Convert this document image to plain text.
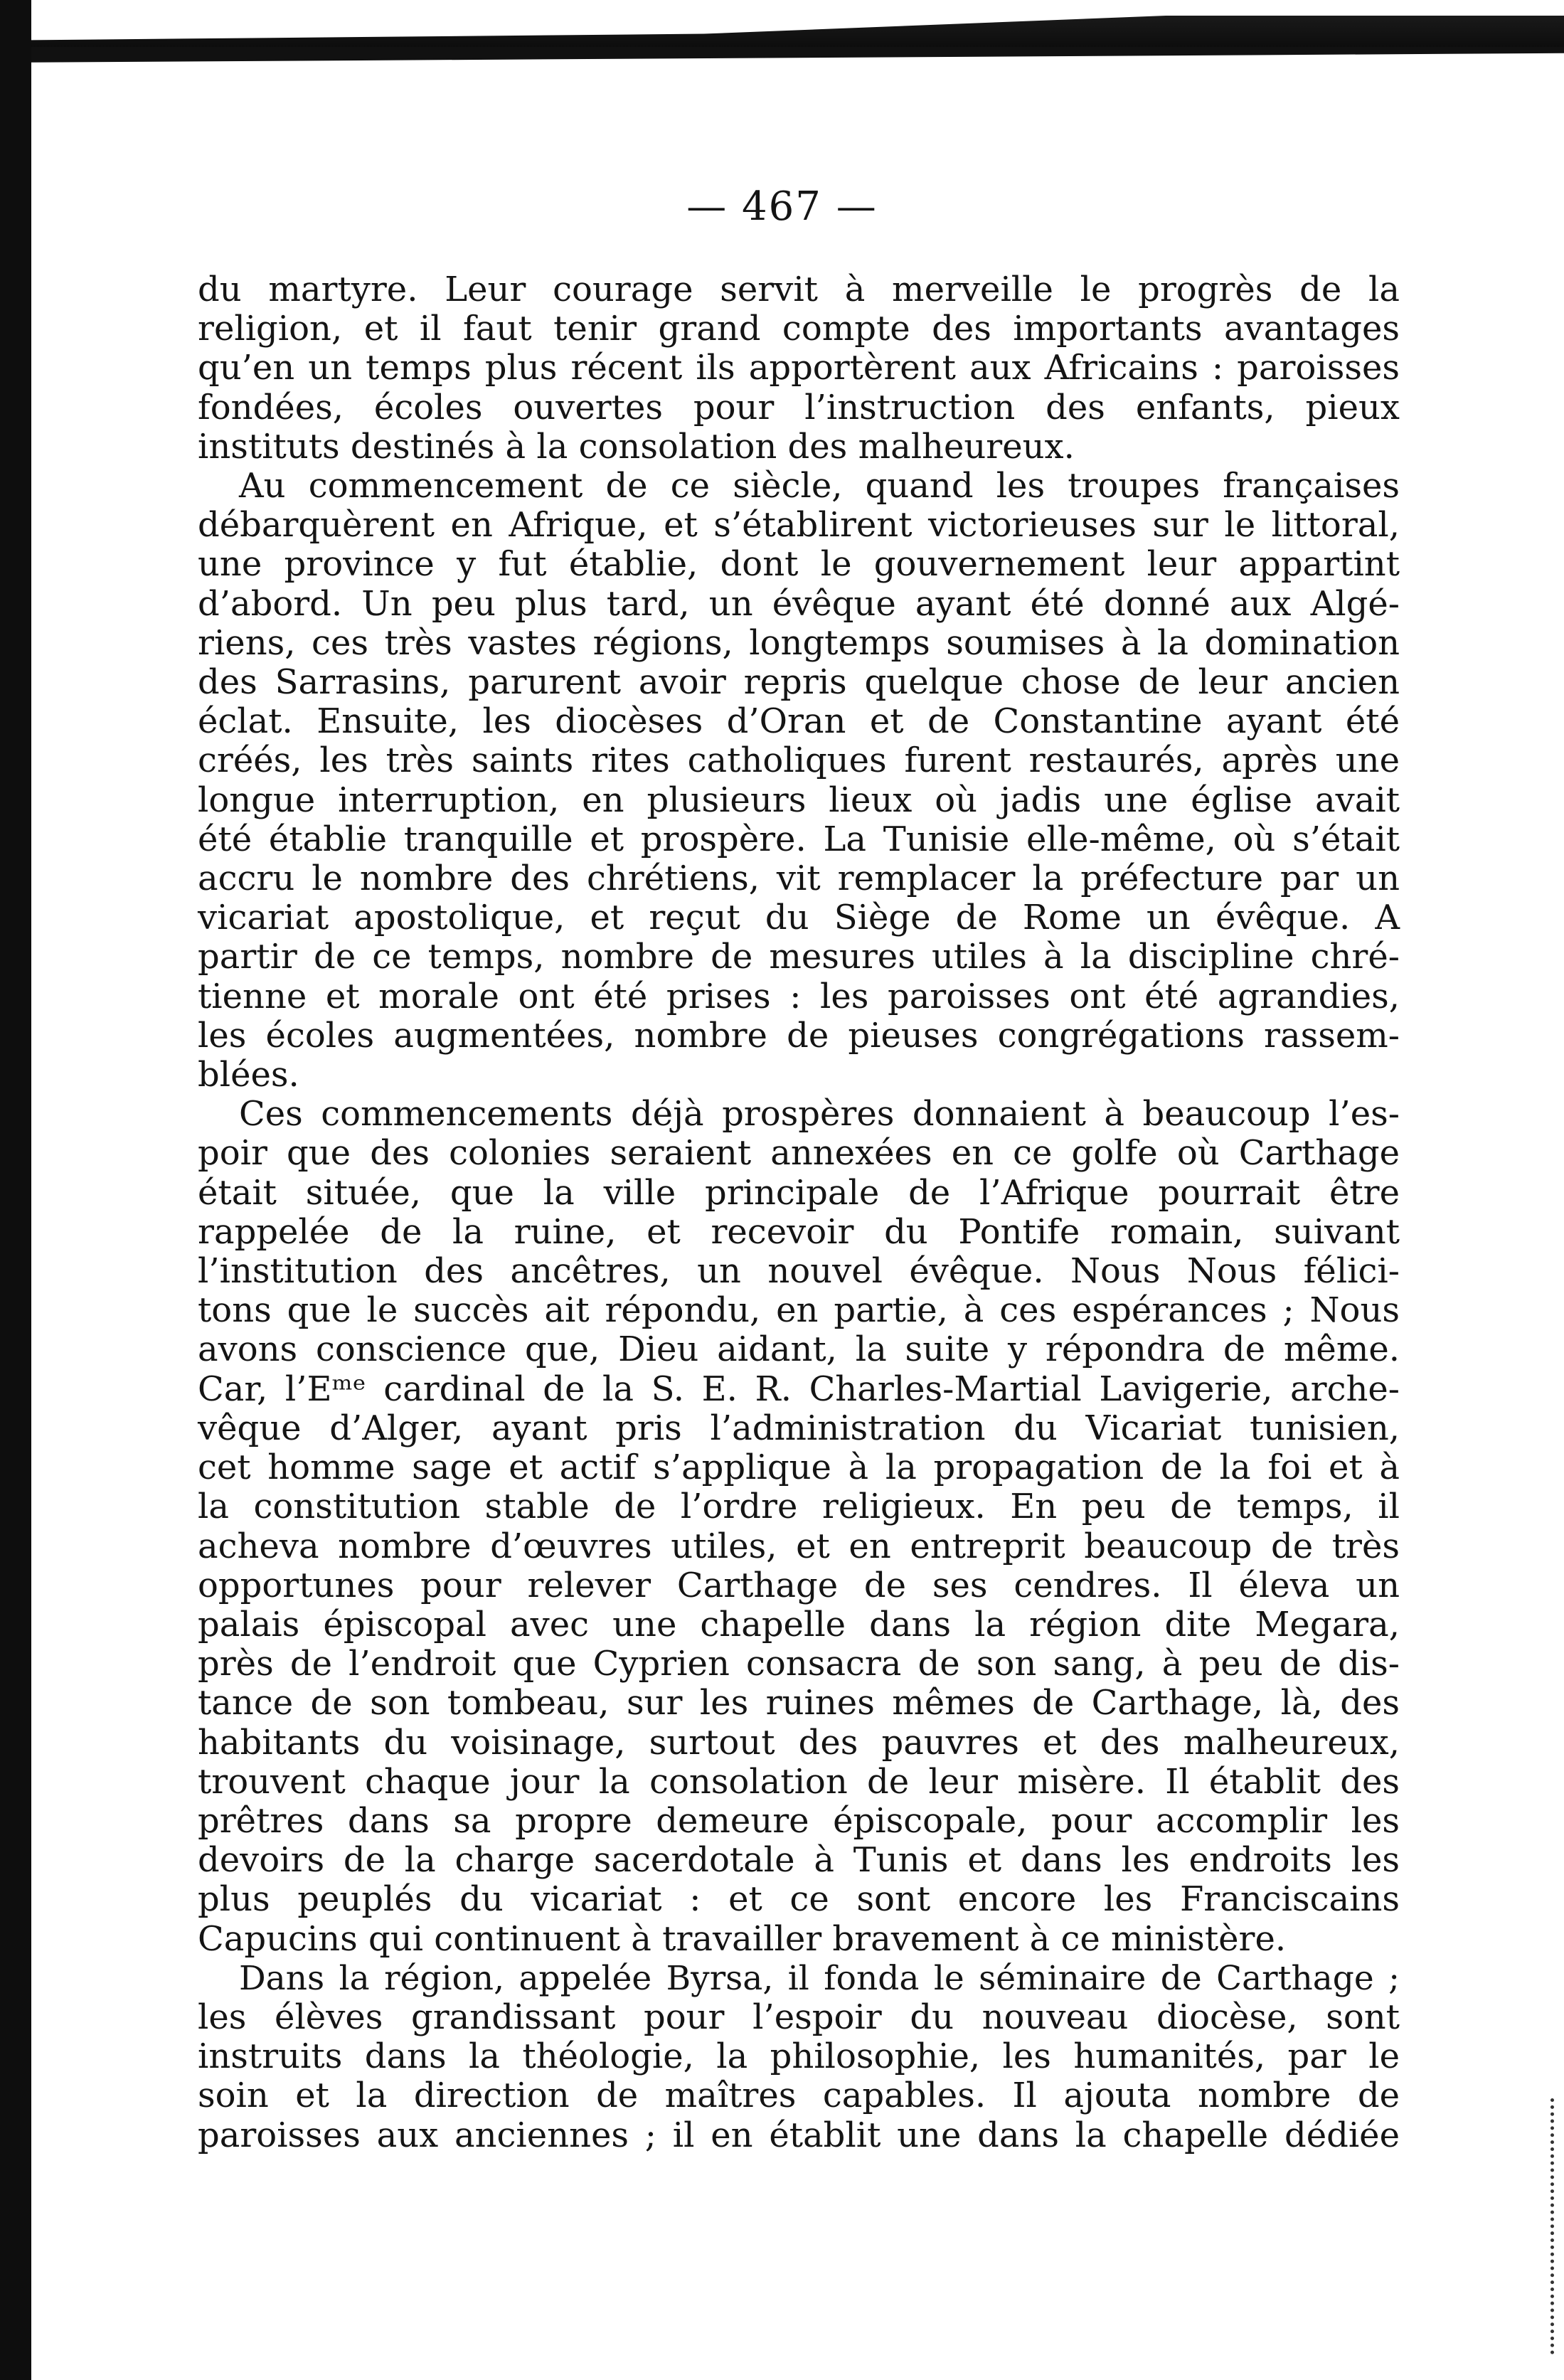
— 467 —
du martyre. Leur courage servit à merveille le progrès de la
religion, et il faut tenir grand compte des importants avantages
qu’en un temps plus récent ils apportèrent aux Africains : paroisses
fondées, écoles ouvertes pour l’instruction des enfants, pieux
instituts destinés à la consolation des malheureux.
Au commencement de ce siècle, quand les troupes françaises
débarquèrent en Afrique, et s’établirent victorieuses sur le littoral,
une province y fut établie, dont le gouvernement leur appartint
d’abord. Un peu plus tard, un évêque ayant été donné aux Algé-
riens, ces très vastes régions, longtemps soumises à la domination
des Sarrasins, parurent avoir repris quelque chose de leur ancien
éclat. Ensuite, les diocèses d’Oran et de Constantine ayant été
créés, les très saints rites catholiques furent restaurés, après une
longue interruption, en plusieurs lieux où jadis une église avait
été établie tranquille et prospère. La Tunisie elle-même, où s’était
accru le nombre des chrétiens, vit remplacer la préfecture par un
vicariat apostolique, et reçut du Siège de Rome un évêque. A
partir de ce temps, nombre de mesures utiles à la discipline chré-
tienne et morale ont été prises : les paroisses ont été agrandies,
les écoles augmentées, nombre de pieuses congrégations rassem-
blées.
Ces commencements déjà prospères donnaient à beaucoup l’es-
poir que des colonies seraient annexées en ce golfe où Carthage
était située, que la ville principale de l’Afrique pourrait être
rappelée de la ruine, et recevoir du Pontife romain, suivant
l’institution des ancêtres, un nouvel évêque. Nous Nous félici-
tons que le succès ait répondu, en partie, à ces espérances ; Nous
avons conscience que, Dieu aidant, la suite y répondra de même.
Car, l’Eᵐᵉ cardinal de la S. E. R. Charles-Martial Lavigerie, arche-
vêque d’Alger, ayant pris l’administration du Vicariat tunisien,
cet homme sage et actif s’applique à la propagation de la foi et à
la constitution stable de l’ordre religieux. En peu de temps, il
acheva nombre d’œuvres utiles, et en entreprit beaucoup de très
opportunes pour relever Carthage de ses cendres. Il éleva un
palais épiscopal avec une chapelle dans la région dite Megara,
près de l’endroit que Cyprien consacra de son sang, à peu de dis-
tance de son tombeau, sur les ruines mêmes de Carthage, là, des
habitants du voisinage, surtout des pauvres et des malheureux,
trouvent chaque jour la consolation de leur misère. Il établit des
prêtres dans sa propre demeure épiscopale, pour accomplir les
devoirs de la charge sacerdotale à Tunis et dans les endroits les
plus peuplés du vicariat : et ce sont encore les Franciscains
Capucins qui continuent à travailler bravement à ce ministère.
Dans la région, appelée Byrsa, il fonda le séminaire de Carthage ;
les élèves grandissant pour l’espoir du nouveau diocèse, sont
instruits dans la théologie, la philosophie, les humanités, par le
soin et la direction de maîtres capables. Il ajouta nombre de
paroisses aux anciennes ; il en établit une dans la chapelle dédiée
